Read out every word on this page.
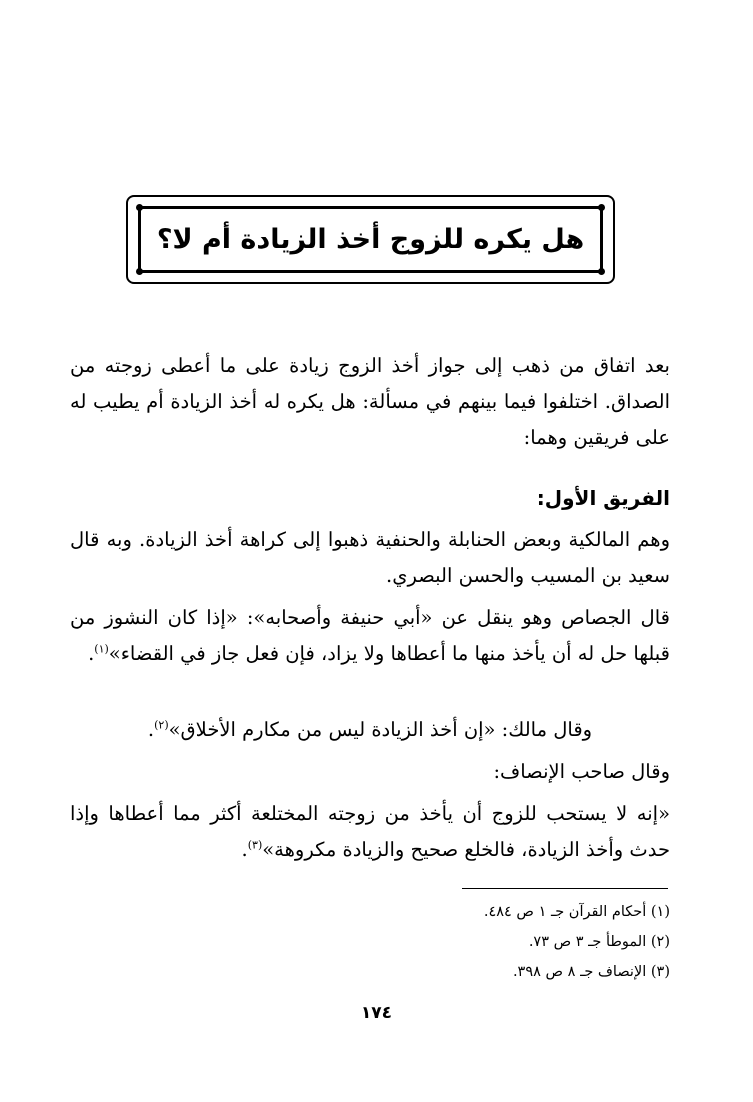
هل يكره للزوج أخذ الزيادة أم لا؟

بعد اتفاق من ذهب إلى جواز أخذ الزوج زيادة على ما أعطى زوجته من الصداق. اختلفوا فيما بينهم في مسألة: هل يكره له أخذ الزيادة أم يطيب له على فريقين وهما:

الفريق الأول:

وهم المالكية وبعض الحنابلة والحنفية ذهبوا إلى كراهة أخذ الزيادة. وبه قال سعيد بن المسيب والحسن البصري.

قال الجصاص وهو ينقل عن «أبي حنيفة وأصحابه»: «إذا كان النشوز من قبلها حل له أن يأخذ منها ما أعطاها ولا يزاد، فإن فعل جاز في القضاء»$^{(١)}$.

وقال مالك: «إن أخذ الزيادة ليس من مكارم الأخلاق»$^{(٢)}$.

وقال صاحب الإنصاف:

«إنه لا يستحب للزوج أن يأخذ من زوجته المختلعة أكثر مما أعطاها وإذا حدث وأخذ الزيادة، فالخلع صحيح والزيادة مكروهة»$^{(٣)}$.

(١) أحكام القرآن جـ ١ ص ٤٨٤.
(٢) الموطأ جـ ٣ ص ٧٣.
(٣) الإنصاف جـ ٨ ص ٣٩٨.
١٧٤
